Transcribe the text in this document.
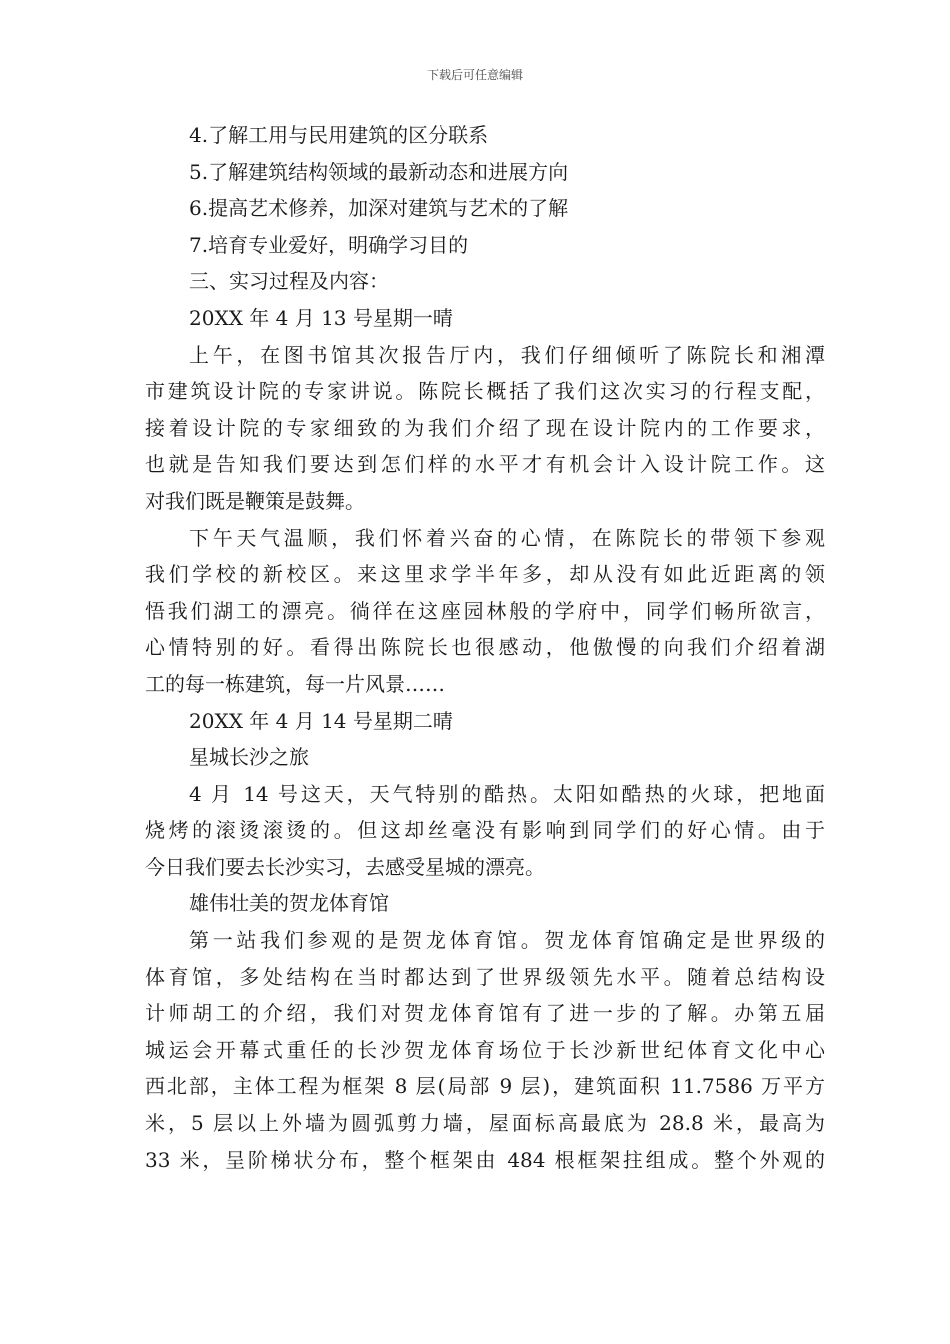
下载后可任意编辑
4.了解工用与民用建筑的区分联系
5.了解建筑结构领域的最新动态和进展方向
6.提高艺术修养，加深对建筑与艺术的了解
7.培育专业爱好，明确学习目的
三、实习过程及内容：
20XX 年 4 月 13 号星期一晴
上午，在图书馆其次报告厅内，我们仔细倾听了陈院长和湘潭
市建筑设计院的专家讲说。陈院长概括了我们这次实习的行程支配，
接着设计院的专家细致的为我们介绍了现在设计院内的工作要求，
也就是告知我们要达到怎们样的水平才有机会计入设计院工作。这
对我们既是鞭策是鼓舞。
下午天气温顺，我们怀着兴奋的心情，在陈院长的带领下参观
我们学校的新校区。来这里求学半年多，却从没有如此近距离的领
悟我们湖工的漂亮。徜徉在这座园林般的学府中，同学们畅所欲言，
心情特别的好。看得出陈院长也很感动，他傲慢的向我们介绍着湖
工的每一栋建筑，每一片风景……
20XX 年 4 月 14 号星期二晴
星城长沙之旅
4 月 14 号这天，天气特别的酷热。太阳如酷热的火球，把地面
烧烤的滚烫滚烫的。但这却丝毫没有影响到同学们的好心情。由于
今日我们要去长沙实习，去感受星城的漂亮。
雄伟壮美的贺龙体育馆
第一站我们参观的是贺龙体育馆。贺龙体育馆确定是世界级的
体育馆，多处结构在当时都达到了世界级领先水平。随着总结构设
计师胡工的介绍，我们对贺龙体育馆有了进一步的了解。办第五届
城运会开幕式重任的长沙贺龙体育场位于长沙新世纪体育文化中心
西北部，主体工程为框架 8 层(局部 9 层)，建筑面积 11.7586 万平方
米，5 层以上外墙为圆弧剪力墙，屋面标高最底为 28.8 米，最高为
33 米，呈阶梯状分布，整个框架由 484 根框架拄组成。整个外观的
